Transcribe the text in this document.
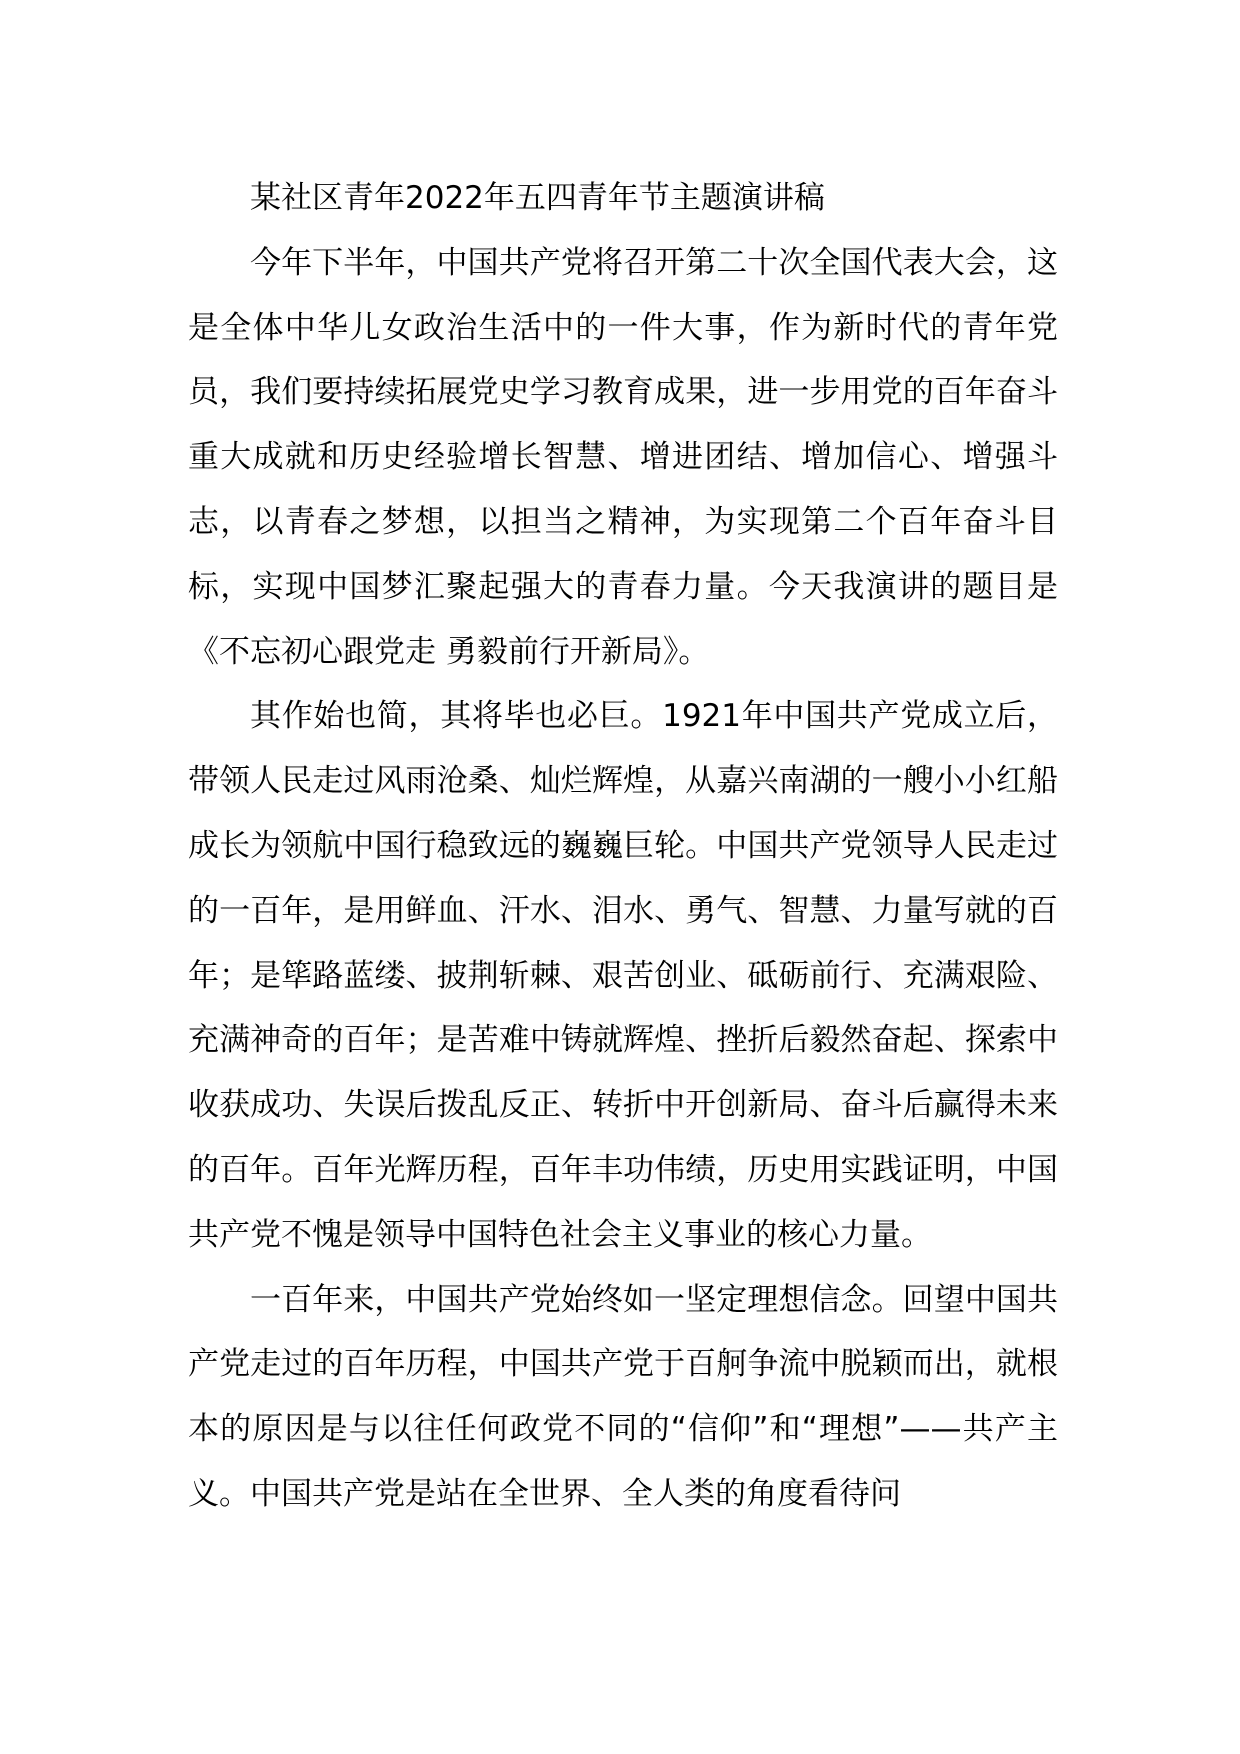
某社区青年2022年五四青年节主题演讲稿

今年下半年，中国共产党将召开第二十次全国代表大会，这是全体中华儿女政治生活中的一件大事，作为新时代的青年党员，我们要持续拓展党史学习教育成果，进一步用党的百年奋斗重大成就和历史经验增长智慧、增进团结、增加信心、增强斗志，以青春之梦想，以担当之精神，为实现第二个百年奋斗目标，实现中国梦汇聚起强大的青春力量。今天我演讲的题目是《不忘初心跟党走 勇毅前行开新局》。

其作始也简，其将毕也必巨。1921年中国共产党成立后，带领人民走过风雨沧桑、灿烂辉煌，从嘉兴南湖的一艘小小红船成长为领航中国行稳致远的巍巍巨轮。中国共产党领导人民走过的一百年，是用鲜血、汗水、泪水、勇气、智慧、力量写就的百年；是筚路蓝缕、披荆斩棘、艰苦创业、砥砺前行、充满艰险、充满神奇的百年；是苦难中铸就辉煌、挫折后毅然奋起、探索中收获成功、失误后拨乱反正、转折中开创新局、奋斗后赢得未来的百年。百年光辉历程，百年丰功伟绩，历史用实践证明，中国共产党不愧是领导中国特色社会主义事业的核心力量。

一百年来，中国共产党始终如一坚定理想信念。回望中国共产党走过的百年历程，中国共产党于百舸争流中脱颖而出，就根本的原因是与以往任何政党不同的“信仰”和“理想”——共产主义。中国共产党是站在全世界、全人类的角度看待问
